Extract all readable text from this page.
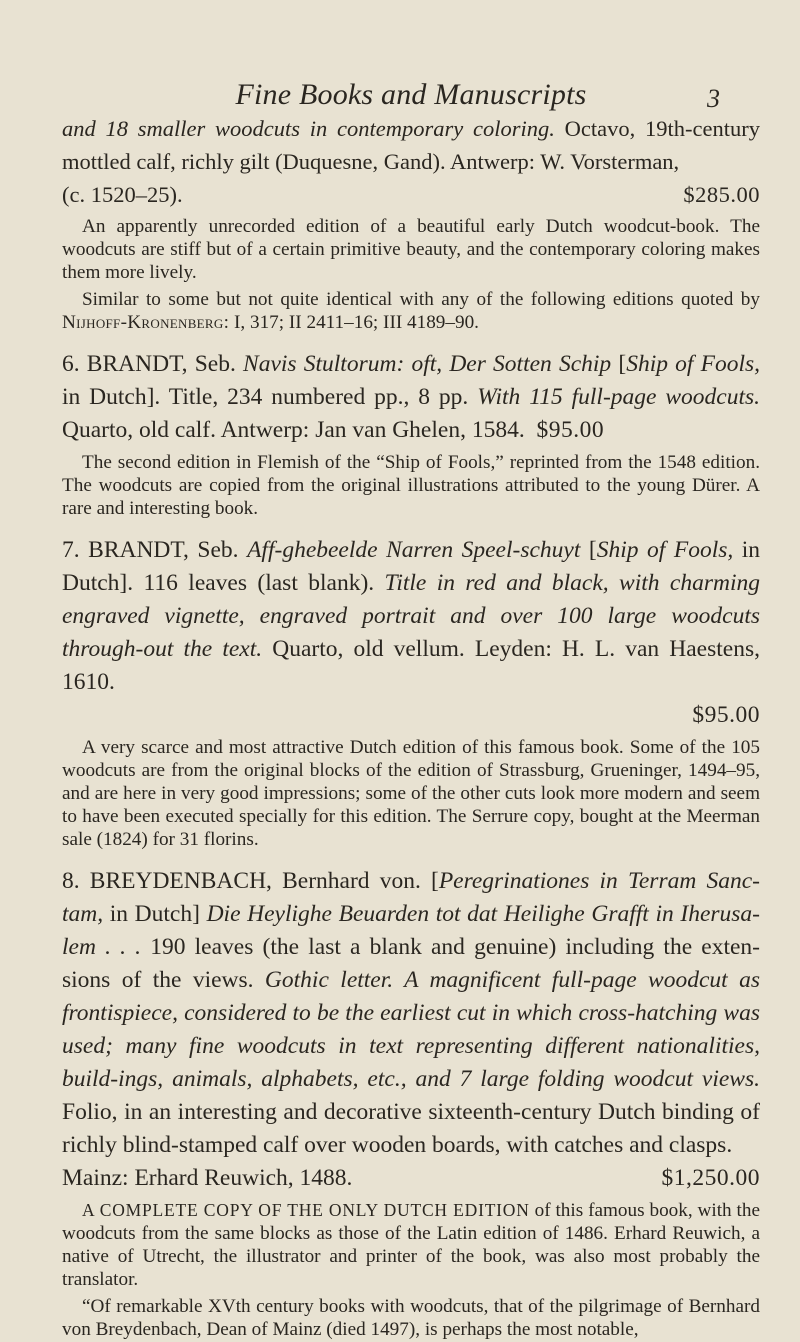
Fine Books and Manuscripts	3

and 18 smaller woodcuts in contemporary coloring. Octavo, 19th-century mottled calf, richly gilt (Duquesne, Gand). Antwerp: W. Vorsterman,

(c. 1520–25).	$285.00

An apparently unrecorded edition of a beautiful early Dutch woodcut-book. The woodcuts are stiff but of a certain primitive beauty, and the contemporary coloring makes them more lively.

Similar to some but not quite identical with any of the following editions quoted by Nijhoff-Kronenberg: I, 317; II 2411–16; III 4189–90.

6. BRANDT, Seb. Navis Stultorum: oft, Der Sotten Schip [Ship of Fools, in Dutch]. Title, 234 numbered pp., 8 pp. With 115 full-page woodcuts. Quarto, old calf. Antwerp: Jan van Ghelen, 1584. $95.00

The second edition in Flemish of the “Ship of Fools,” reprinted from the 1548 edition. The woodcuts are copied from the original illustrations attributed to the young Dürer. A rare and interesting book.

7. BRANDT, Seb. Aff-ghebeelde Narren Speel-schuyt [Ship of Fools, in Dutch]. 116 leaves (last blank). Title in red and black, with charming engraved vignette, engraved portrait and over 100 large woodcuts through-out the text. Quarto, old vellum. Leyden: H. L. van Haestens, 1610.

$95.00

A very scarce and most attractive Dutch edition of this famous book. Some of the 105 woodcuts are from the original blocks of the edition of Strassburg, Grueninger, 1494–95, and are here in very good impressions; some of the other cuts look more modern and seem to have been executed specially for this edition. The Serrure copy, bought at the Meerman sale (1824) for 31 florins.

8. BREYDENBACH, Bernhard von. [Peregrinationes in Terram Sanc-tam, in Dutch] Die Heylighe Beuarden tot dat Heilighe Grafft in Iherusa-lem . . . 190 leaves (the last a blank and genuine) including the exten-sions of the views. Gothic letter. A magnificent full-page woodcut as frontispiece, considered to be the earliest cut in which cross-hatching was used; many fine woodcuts in text representing different nationalities, build-ings, animals, alphabets, etc., and 7 large folding woodcut views. Folio, in an interesting and decorative sixteenth-century Dutch binding of richly blind-stamped calf over wooden boards, with catches and clasps.

Mainz: Erhard Reuwich, 1488.	$1,250.00

A COMPLETE COPY OF THE ONLY DUTCH EDITION of this famous book, with the woodcuts from the same blocks as those of the Latin edition of 1486. Erhard Reuwich, a native of Utrecht, the illustrator and printer of the book, was also most probably the translator.

“Of remarkable XVth century books with woodcuts, that of the pilgrimage of Bernhard von Breydenbach, Dean of Mainz (died 1497), is perhaps the most notable,
